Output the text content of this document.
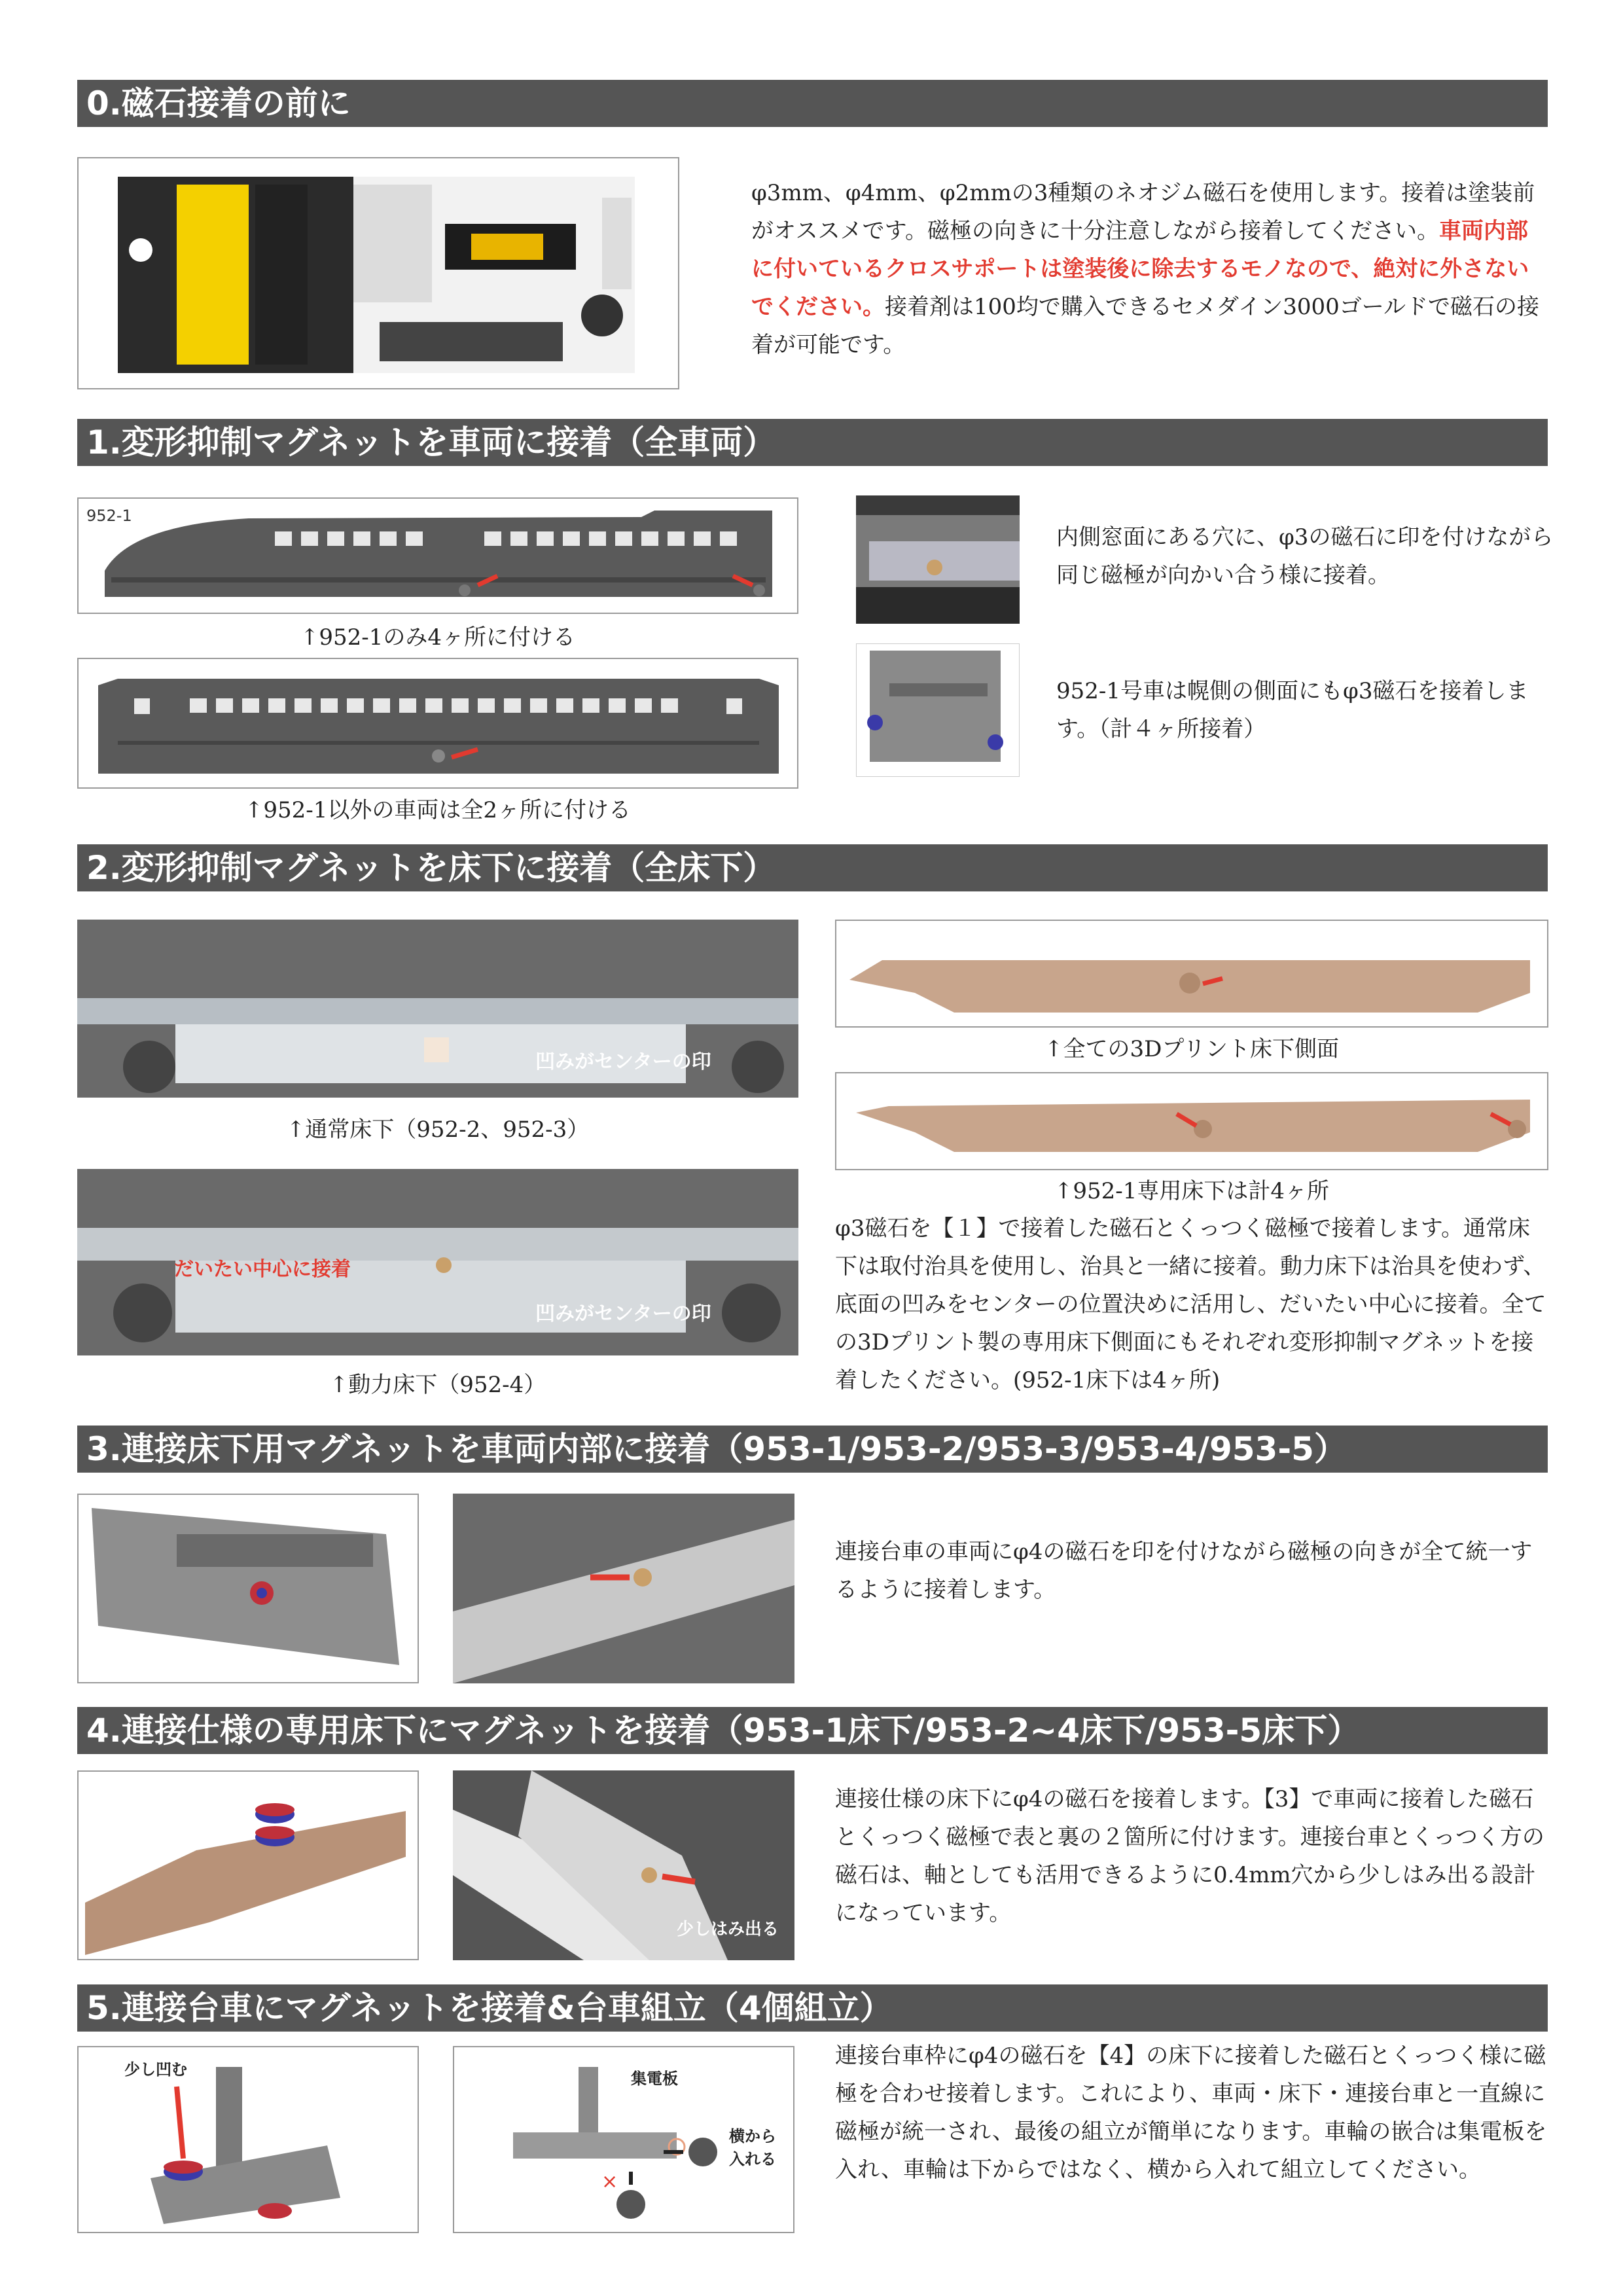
0.磁石接着の前に
φ3mm、φ4mm、φ2mmの3種類のネオジム磁石を使用します。接着は塗装前がオススメです。磁極の向きに十分注意しながら接着してください。車両内部に付いているクロスサポートは塗装後に除去するモノなので、絶対に外さないでください。接着剤は100均で購入できるセメダイン3000ゴールドで磁石の接着が可能です。
1.変形抑制マグネットを車両に接着（全車両）
952-1
↑952-1のみ4ヶ所に付ける
↑952-1以外の車両は全2ヶ所に付ける
内側窓面にある穴に、φ3の磁石に印を付けながら同じ磁極が向かい合う様に接着。
952-1号車は幌側の側面にもφ3磁石を接着します。（計４ヶ所接着）
2.変形抑制マグネットを床下に接着（全床下）
凹みがセンターの印
↑通常床下（952-2、952-3）
だいたい中心に接着
凹みがセンターの印
↑動力床下（952-4）
↑全ての3Dプリント床下側面
↑952-1専用床下は計4ヶ所
φ3磁石を【１】で接着した磁石とくっつく磁極で接着します。通常床下は取付治具を使用し、治具と一緒に接着。動力床下は治具を使わず、底面の凹みをセンターの位置決めに活用し、だいたい中心に接着。全ての3Dプリント製の専用床下側面にもそれぞれ変形抑制マグネットを接着したください。(952-1床下は4ヶ所)
3.連接床下用マグネットを車両内部に接着（953-1/953-2/953-3/953-4/953-5）
連接台車の車両にφ4の磁石を印を付けながら磁極の向きが全て統一するように接着します。
4.連接仕様の専用床下にマグネットを接着（953-1床下/953-2~4床下/953-5床下）
少しはみ出る
連接仕様の床下にφ4の磁石を接着します。【3】で車両に接着した磁石とくっつく磁極で表と裏の２箇所に付けます。連接台車とくっつく方の磁石は、軸としても活用できるように0.4mm穴から少しはみ出る設計になっています。
5.連接台車にマグネットを接着&台車組立（4個組立）
少し凹む	集電板
横から入れる
×
連接台車枠にφ4の磁石を【4】の床下に接着した磁石とくっつく様に磁極を合わせ接着します。これにより、車両・床下・連接台車と一直線に磁極が統一され、最後の組立が簡単になります。車輪の嵌合は集電板を入れ、車輪は下からではなく、横から入れて組立してください。
